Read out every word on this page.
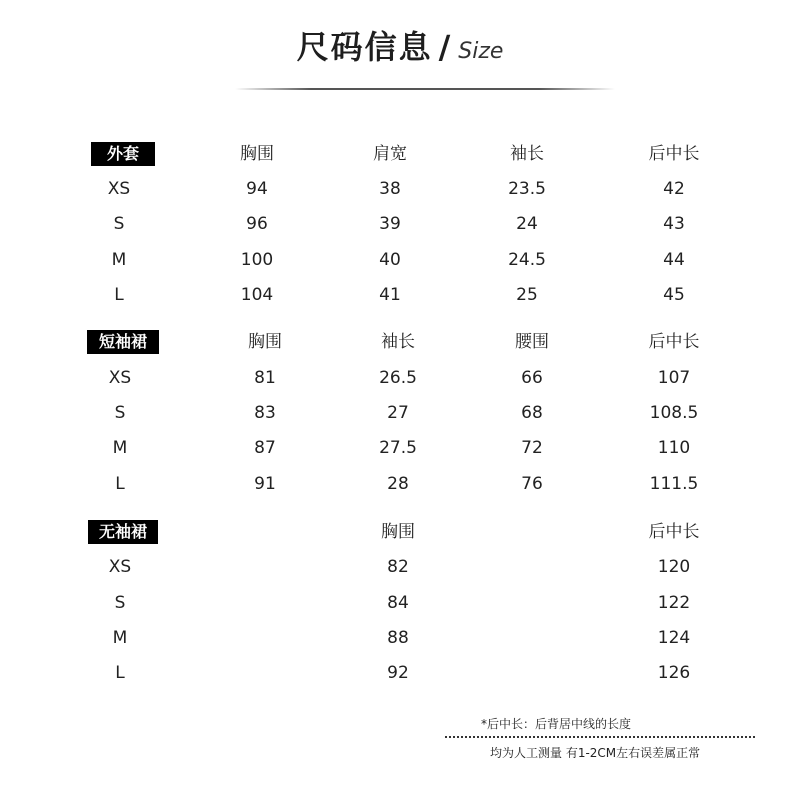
尺码信息 / Size
外套	胸围	肩宽	袖长	后中长
XS	94	38	23.5	42
S	96	39	24	43
M	100	40	24.5	44
L	104	41	25	45
短袖裙	胸围	袖长	腰围	后中长
XS	81	26.5	66	107
S	83	27	68	108.5
M	87	27.5	72	110
L	91	28	76	111.5
无袖裙	胸围	后中长
XS	82	120
S	84	122
M	88	124
L	92	126
*后中长：后背居中线的长度
均为人工测量 有1-2CM左右误差属正常
